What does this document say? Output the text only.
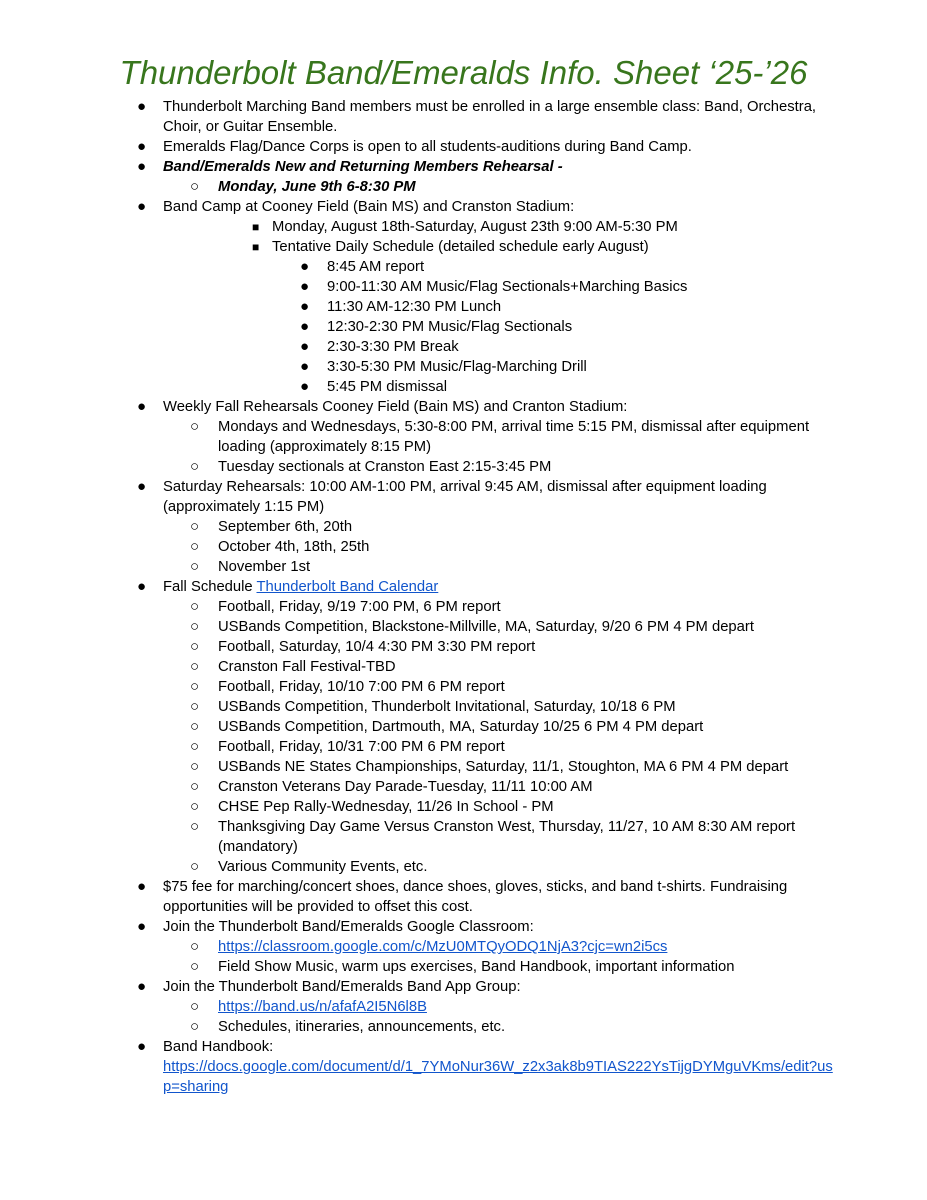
Thunderbolt Band/Emeralds Info. Sheet ‘25-’26
● Thunderbolt Marching Band members must be enrolled in a large ensemble class: Band, Orchestra, Choir, or Guitar Ensemble.
● Emeralds Flag/Dance Corps is open to all students-auditions during Band Camp.
● Band/Emeralds New and Returning Members Rehearsal -
○ Monday, June 9th 6-8:30 PM
● Band Camp at Cooney Field (Bain MS) and Cranston Stadium:
■ Monday, August 18th-Saturday, August 23th 9:00 AM-5:30 PM
■ Tentative Daily Schedule (detailed schedule early August)
● 8:45 AM report
● 9:00-11:30 AM Music/Flag Sectionals+Marching Basics
● 11:30 AM-12:30 PM Lunch
● 12:30-2:30 PM Music/Flag Sectionals
● 2:30-3:30 PM Break
● 3:30-5:30 PM Music/Flag-Marching Drill
● 5:45 PM dismissal
● Weekly Fall Rehearsals Cooney Field (Bain MS) and Cranton Stadium:
○ Mondays and Wednesdays, 5:30-8:00 PM, arrival time 5:15 PM, dismissal after equipment loading (approximately 8:15 PM)
○ Tuesday sectionals at Cranston East 2:15-3:45 PM
● Saturday Rehearsals: 10:00 AM-1:00 PM, arrival 9:45 AM, dismissal after equipment loading (approximately 1:15 PM)
○ September 6th, 20th
○ October 4th, 18th, 25th
○ November 1st
● Fall Schedule Thunderbolt Band Calendar
○ Football, Friday, 9/19 7:00 PM, 6 PM report
○ USBands Competition, Blackstone-Millville, MA, Saturday, 9/20 6 PM 4 PM depart
○ Football, Saturday, 10/4 4:30 PM 3:30 PM report
○ Cranston Fall Festival-TBD
○ Football, Friday, 10/10 7:00 PM 6 PM report
○ USBands Competition, Thunderbolt Invitational, Saturday, 10/18 6 PM
○ USBands Competition, Dartmouth, MA, Saturday 10/25 6 PM 4 PM depart
○ Football, Friday, 10/31 7:00 PM 6 PM report
○ USBands NE States Championships, Saturday, 11/1, Stoughton, MA 6 PM 4 PM depart
○ Cranston Veterans Day Parade-Tuesday, 11/11 10:00 AM
○ CHSE Pep Rally-Wednesday, 11/26 In School - PM
○ Thanksgiving Day Game Versus Cranston West, Thursday, 11/27, 10 AM 8:30 AM report (mandatory)
○ Various Community Events, etc.
● $75 fee for marching/concert shoes, dance shoes, gloves, sticks, and band t-shirts. Fundraising opportunities will be provided to offset this cost.
● Join the Thunderbolt Band/Emeralds Google Classroom:
○ https://classroom.google.com/c/MzU0MTQyODQ1NjA3?cjc=wn2i5cs
○ Field Show Music, warm ups exercises, Band Handbook, important information
● Join the Thunderbolt Band/Emeralds Band App Group:
○ https://band.us/n/afafA2I5N6l8B
○ Schedules, itineraries, announcements, etc.
● Band Handbook:
https://docs.google.com/document/d/1_7YMoNur36W_z2x3ak8b9TIAS222YsTijgDYMguVKms/edit?usp=sharing
